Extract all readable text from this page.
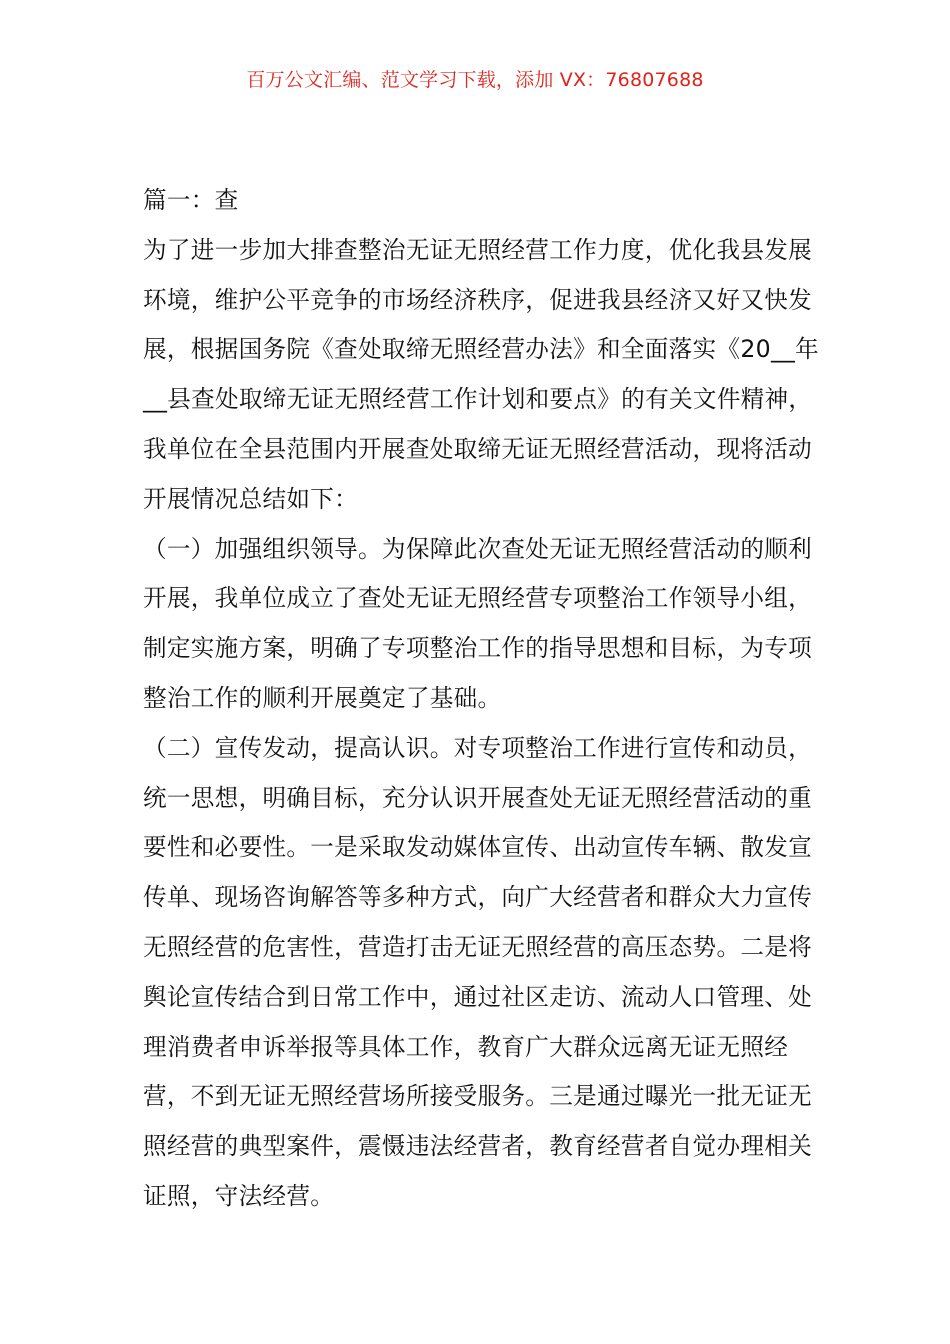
百万公文汇编、范文学习下载，添加 VX：76807688

篇一：查

为了进一步加大排查整治无证无照经营工作力度，优化我县发展环境，维护公平竞争的市场经济秩序，促进我县经济又好又快发展，根据国务院《查处取缔无照经营办法》和全面落实《20__年__县查处取缔无证无照经营工作计划和要点》的有关文件精神，我单位在全县范围内开展查处取缔无证无照经营活动，现将活动开展情况总结如下：

（一）加强组织领导。为保障此次查处无证无照经营活动的顺利开展，我单位成立了查处无证无照经营专项整治工作领导小组，制定实施方案，明确了专项整治工作的指导思想和目标，为专项整治工作的顺利开展奠定了基础。

（二）宣传发动，提高认识。对专项整治工作进行宣传和动员，统一思想，明确目标，充分认识开展查处无证无照经营活动的重要性和必要性。一是采取发动媒体宣传、出动宣传车辆、散发宣传单、现场咨询解答等多种方式，向广大经营者和群众大力宣传无照经营的危害性，营造打击无证无照经营的高压态势。二是将舆论宣传结合到日常工作中，通过社区走访、流动人口管理、处理消费者申诉举报等具体工作，教育广大群众远离无证无照经营，不到无证无照经营场所接受服务。三是通过曝光一批无证无照经营的典型案件，震慑违法经营者，教育经营者自觉办理相关证照，守法经营。
